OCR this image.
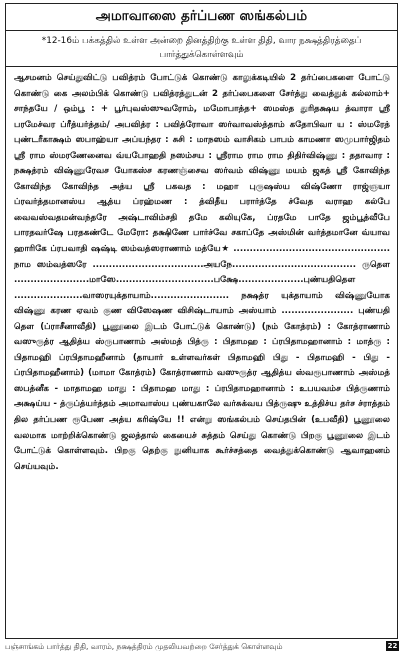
அமாவாஸை தர்ப்பண ஸங்கல்பம்
*12-16ம் பக்கத்தில் உள்ள அன்றை தினத்திற்கு உள்ள திதி, வார நக்ஷத்திரத்தைப் பார்த்துக்கொள்ளவும்

ஆசமனம் செய்துவிட்டு பவித்ரம் போட்டுக் கொண்டு காலுக்கடியில் 2 தர்ப்பைகளை போட்டு கொண்டு கை அலம்பிக் கொண்டு பவித்ரத்துடன் 2 தர்ப்பைகளை சேர்த்து வைத்துக் கல்லாம்+ சாந்தயே / ஒம்பூ : + பூர்புவஸ்ஸுவரோம், மமோபாத்த+ ஸமஸ்த துரிதக்ஷய த்வாரா ஸ்ரீ பரமேச்வர ப்ரீத்யர்த்தம்/ அபவித்ர : பவித்ரோவா ஸர்வாவஸ்த்தாம் கதோபிவா ய : ஸ்மரேத் புண்டரீகாக்ஷம் ஸபாஹ்யா அப்யந்தர : சுசி : மாநஸம் வாசிகம் பாபம் காமணா ஸமுபார்ஜிதம் ஸ்ரீ ராம ஸ்மரணேனைவ வ்யபோஹதி நஸம்சய : ஸ்ரீராம ராம ராம திதிர்விஷ்ணு : ததாவார : நக்ஷத்ரம் விஷ்ணுரேவச யோகஸ்ச கரணஞ்சைவ ஸர்வம் விஷ்ணு மயம் ஜகத் ஸ்ரீ கோவிந்த கோவிந்த கோவிந்த அத்ய ஸ்ரீ பகவத : மஹா புருஷஸ்ய விஷ்ணோ ராஜ்ஞயா ப்ரவர்த்தமானஸ்ய ஆத்ய ப்ரஹ்மண : த்விதீய பரார்த்தே ச்வேத வராஹ கல்பே வைவஸ்வதமன்வந்தரே அஷ்டாவிம்சதி தமே கலியுகே, ப்ரதமே பாதே ஜம்பூத்வீபே பாரதவர்ஷே பரதகண்டே மேரோ: தக்ஷிணே பார்ச்வே சகாப்தே அஸ்மின் வர்த்தமானே வ்யாவ ஹாரிகே ப்ரபவாதி ஷஷ்டி ஸம்வத்ஸராணாம் மத்யே★ ................................................ நாம ஸம்வத்ஸரே ..................................அயநே...................................... ருதௌ .......................மாஸே..............................பக்ஷே....................புண்யதிதௌ .....................வாஸரயுக்தாயாம்........................ நக்ஷத்ர யுக்தாயாம் விஷ்ணுயோக விஷ்ணு கரண ஏவம் குண விஸேஷண விசிஷ்டாயாம் அஸ்யாம் ...................... புண்யதி தௌ (ப்ராசீனாவீதி) பூணூலை இடம் போட்டுக் கொண்டு) (நம் கோத்ரம்) : கோத்ராணாம் வஸுருத்ர ஆதித்ய ஸ்ருபாணாம் அஸ்மத் பித்ரு : பிதாமஹ : ப்ரபிதாமஹானாம் : மாத்ரு : பிதாமஹி ப்ரபிதாமஹீனாம் (தாயார் உள்ளவர்கள் பிதாமஹி பிது - பிதாமஹி - பிது - ப்ரபிதாமஹீனாம்) (மாமா கோத்ரம்) கோத்ராணாம் வஸுருத்ர ஆதித்ய ஸ்வரூபாணாம் அஸ்மத் ஸபத்னீக - மாதாமஹ மாது : பிதாமஹ மாது : ப்ரபிதாமஹானாம் : உபயவம்ச பித்ருணாம் அக்ஷய்ய - த்ருப்த்யர்த்தம் அமாவாஸ்ய புண்யகாலே வர்சுக்வய பித்ருஷு உத்திச்ய தர்ச ச்ராத்தம் தில தர்ப்பண ரூபேண அத்ய கரிஷ்யே !! என்று ஸங்கல்பம் செய்தபின் (உபவீதி) பூணூலை வலமாக மாற்றிக்கொண்டு ஜலத்தால் கையைச் சுத்தம் செய்து கொண்டு பிறகு பூணூலை இடம் போட்டுக் கொள்ளவும். பிறகு தெற்கு நுனியாக கூர்ச்சத்தை வைத்துக்கொண்டு ஆவாஹனம் செய்யவும்.

பஞ்சாங்கம் பார்த்து திதி, வாரம், நக்ஷத்திரம் முதலியவற்றை சேர்த்துக் கொள்ளவும்	22
